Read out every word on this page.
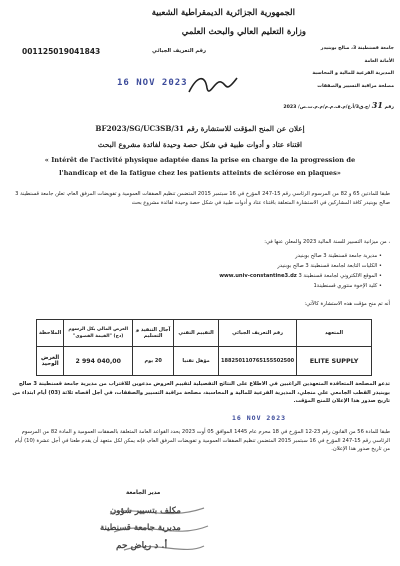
الجمهورية الجزائرية الديمقراطية الشعبية
وزارة التعليم العالي والبحث العلمي
رقم التعريف الجبائي
001125019041843	جامعة قسنطينة 3، صالح بوبنيدر
الأمانة العامة
المديرية الفرعية للمالية و المحاسبة
مصلحة مراقبة التسيير والصفقات
رقم 31 /ج.ق3/أ.ع/م.ف.م.م/م.م.ت.ص/ 2023
16 NOV 2023
إعلان عن المنح المؤقت للاستشارة رقم BF2023/SG/UC3SB/31
اقتناء عتاد و أدوات طبية في شكل حصة وحيدة لفائدة مشروع البحث
« Intérêt de l'activité physique adaptée dans la prise en charge de la progression de
l'handicap et de la fatigue chez les patients atteints de sclérose en plaques»
طبقا للمادتين 65 و 82 من المرسوم الرئاسي رقم 15-247 المؤرخ في 16 سبتمبر 2015 المتضمن تنظيم الصفقات العمومية و تفويضات المرفق العام، تعلن جامعة قسنطينة 3 صالح بوبنيدر كافة المشاركين في الاستشارة المتعلقة باقتناء عتاد و أدوات طبية في شكل حصة وحيدة لفائدة مشروع بحث
، من ميزانية التسيير للسنة المالية 2023 والمعلن عنها في:
• مديرية جامعة قسنطينة 3 صالح بوبنيدر
• الكليات التابعة لجامعة قسنطينة 3 صالح بوبنيدر
• الموقع الالكتروني لجامعة قسنطينة 3 www.univ-constantine3.dz
• كلية الإخوة منتوري قسنطينة1
أنه تم منح مؤقت هذه الاستشارة كالآتي:
المتعهد	رقم التعريف الجبائي	التقييم التقني	آجال التنفيذ و التسليم	العرض المالي بكل الرسوم (دج) "القيمة القصوى"	الملاحظة
ELITE SUPPLY	188250110765155502500	مؤهل تقنيا	20 يوم	2 994 040,00	العرض الوحيد
تدعو المصلحة المتعاقدة المتعهدين الراغبين في الاطلاع على النتائج التفصيلية لتقييم العروض مدعوين للاقتراب من مديرية جامعة قسنطينة 3 صالح بوبنيدر القطب الجامعي علي منجلي، المديرية الفرعية للمالية و المحاسبة، مصلحة مراقبة التسيير والصفقات، في أجل أقصاه ثلاثة (03) أيام ابتداء من تاريخ صدور هذا الإعلان للمنح المؤقت.
16 NOV 2023
طبقا للمادة 56 من القانون رقم 23-12 المؤرخ في 18 محرم عام 1445 الموافق 05 أوت 2023 يحدد القواعد العامة المتعلقة بالصفقات العمومية و المادة 82 من المرسوم الرئاسي رقم 15-247 المؤرخ في 16 سبتمبر 2015 المتضمن تنظيم الصفقات العمومية و تفويضات المرفق العام، فإنه يمكن لكل متعهد أن يقدم طعنا في أجل عشرة (10) أيام من تاريخ صدور هذا الإعلان.
مدير الجامعة
مكلف بتسيير شؤون
مديرية جامعة قسنطينة
أ. د رياض حم
